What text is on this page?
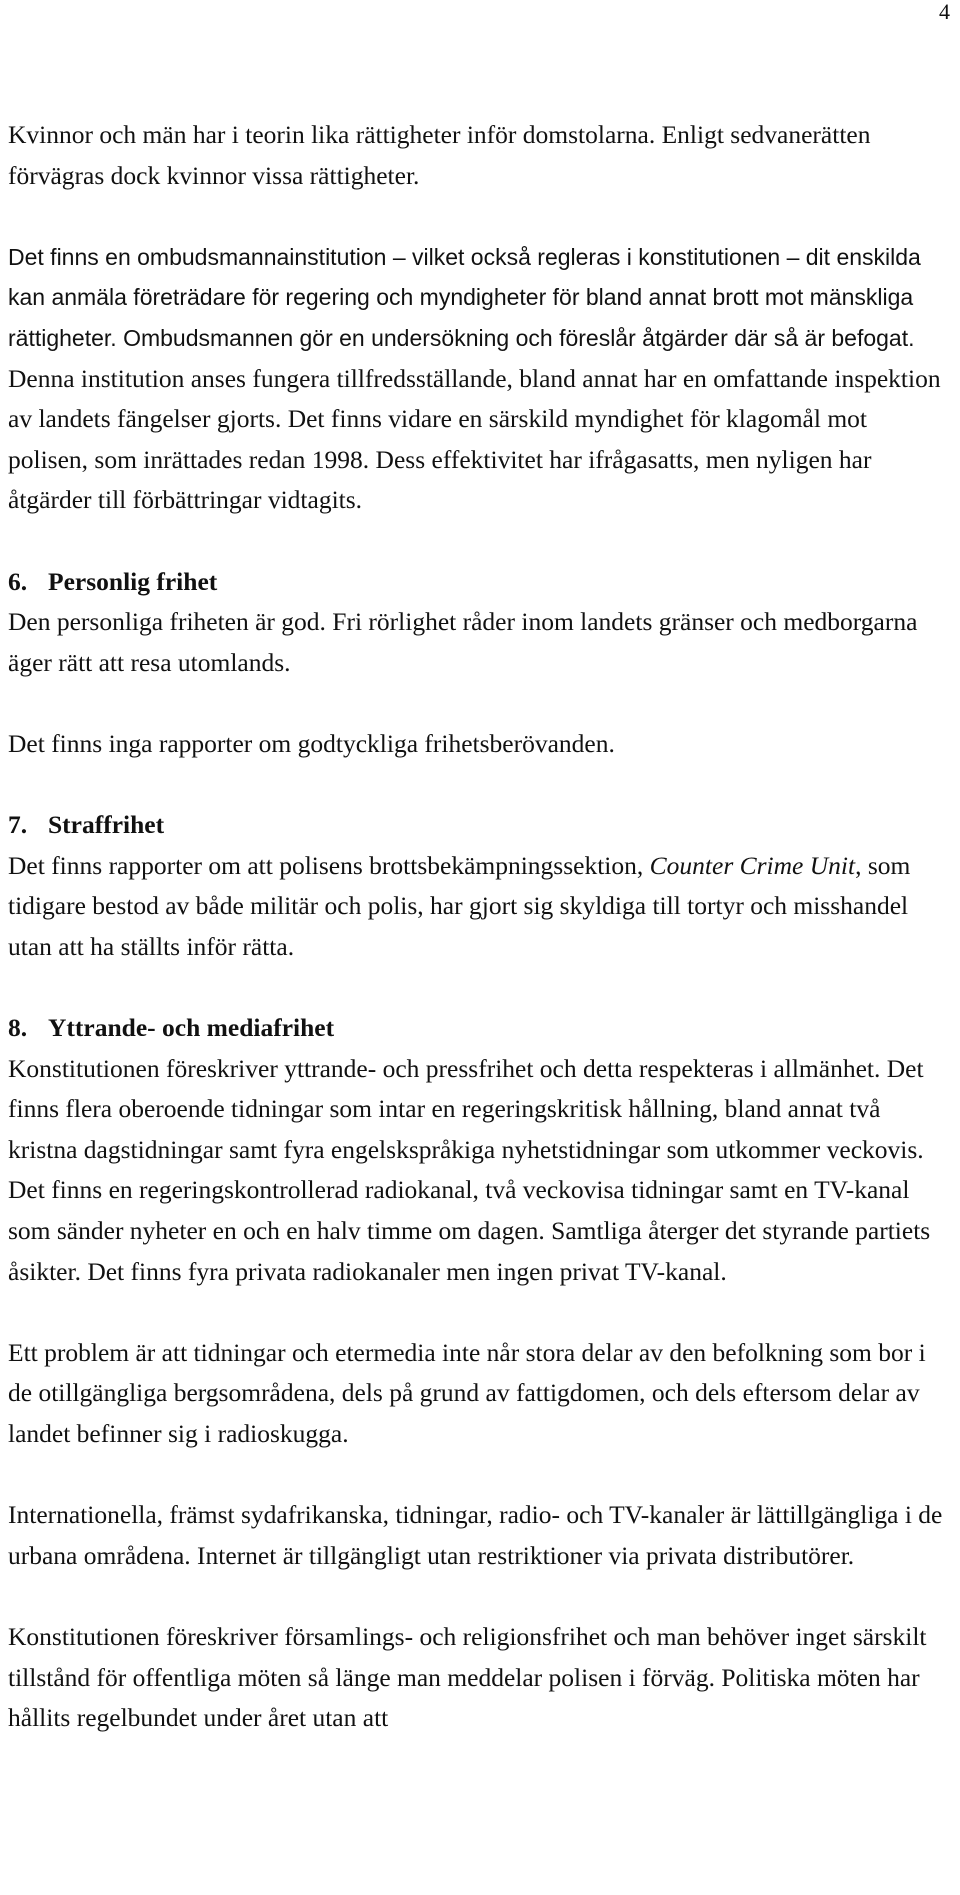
4

Kvinnor och män har i teorin lika rättigheter inför domstolarna. Enligt sedvanerätten förvägras dock kvinnor vissa rättigheter.

Det finns en ombudsmannainstitution – vilket också regleras i konstitutionen – dit enskilda kan anmäla företrädare för regering och myndigheter för bland annat brott mot mänskliga rättigheter. Ombudsmannen gör en undersökning och föreslår åtgärder där så är befogat. Denna institution anses fungera tillfredsställande, bland annat har en omfattande inspektion av landets fängelser gjorts. Det finns vidare en särskild myndighet för klagomål mot polisen, som inrättades redan 1998. Dess effektivitet har ifrågasatts, men nyligen har åtgärder till förbättringar vidtagits.

6. Personlig frihet

Den personliga friheten är god. Fri rörlighet råder inom landets gränser och medborgarna äger rätt att resa utomlands.

Det finns inga rapporter om godtyckliga frihetsberövanden.

7. Straffrihet

Det finns rapporter om att polisens brottsbekämpningssektion, Counter Crime Unit, som tidigare bestod av både militär och polis, har gjort sig skyldiga till tortyr och misshandel utan att ha ställts inför rätta.

8. Yttrande- och mediafrihet

Konstitutionen föreskriver yttrande- och pressfrihet och detta respekteras i allmänhet. Det finns flera oberoende tidningar som intar en regeringskritisk hållning, bland annat två kristna dagstidningar samt fyra engelskspråkiga nyhetstidningar som utkommer veckovis. Det finns en regeringskontrollerad radiokanal, två veckovisa tidningar samt en TV-kanal som sänder nyheter en och en halv timme om dagen. Samtliga återger det styrande partiets åsikter. Det finns fyra privata radiokanaler men ingen privat TV-kanal.

Ett problem är att tidningar och etermedia inte når stora delar av den befolkning som bor i de otillgängliga bergsområdena, dels på grund av fattigdomen, och dels eftersom delar av landet befinner sig i radioskugga.

Internationella, främst sydafrikanska, tidningar, radio- och TV-kanaler är lättillgängliga i de urbana områdena. Internet är tillgängligt utan restriktioner via privata distributörer.

Konstitutionen föreskriver församlings- och religionsfrihet och man behöver inget särskilt tillstånd för offentliga möten så länge man meddelar polisen i förväg. Politiska möten har hållits regelbundet under året utan att
